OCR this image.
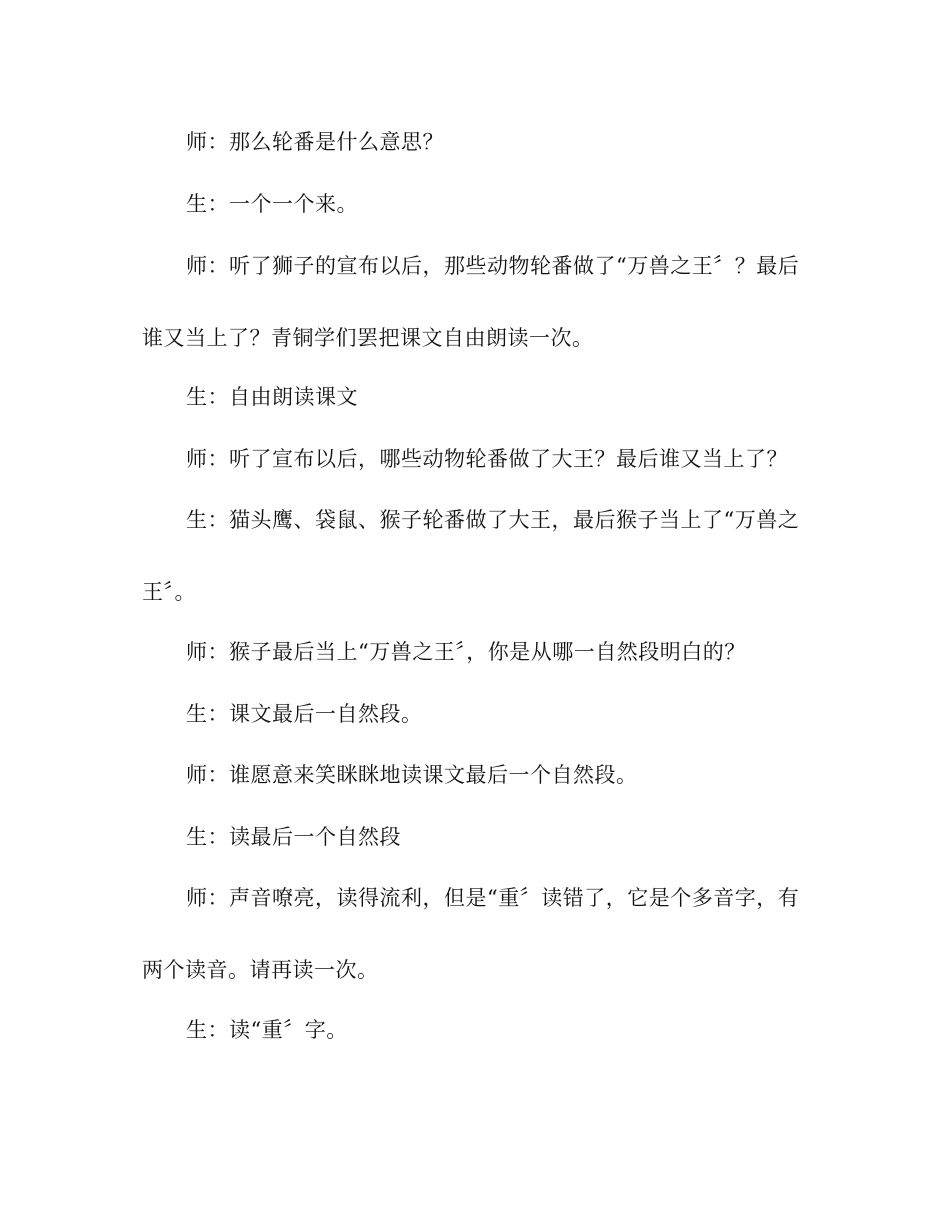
师：那么轮番是什么意思？
生：一个一个来。
师：听了狮子的宣布以后，那些动物轮番做了“万兽之王〞？最后
谁又当上了？青铜学们罢把课文自由朗读一次。
生：自由朗读课文
师：听了宣布以后，哪些动物轮番做了大王？最后谁又当上了？
生：猫头鹰、袋鼠、猴子轮番做了大王，最后猴子当上了“万兽之
王〞。
师：猴子最后当上“万兽之王〞，你是从哪一自然段明白的？
生：课文最后一自然段。
师：谁愿意来笑眯眯地读课文最后一个自然段。
生：读最后一个自然段
师：声音嘹亮，读得流利，但是“重〞读错了，它是个多音字，有
两个读音。请再读一次。
生：读“重〞字。
